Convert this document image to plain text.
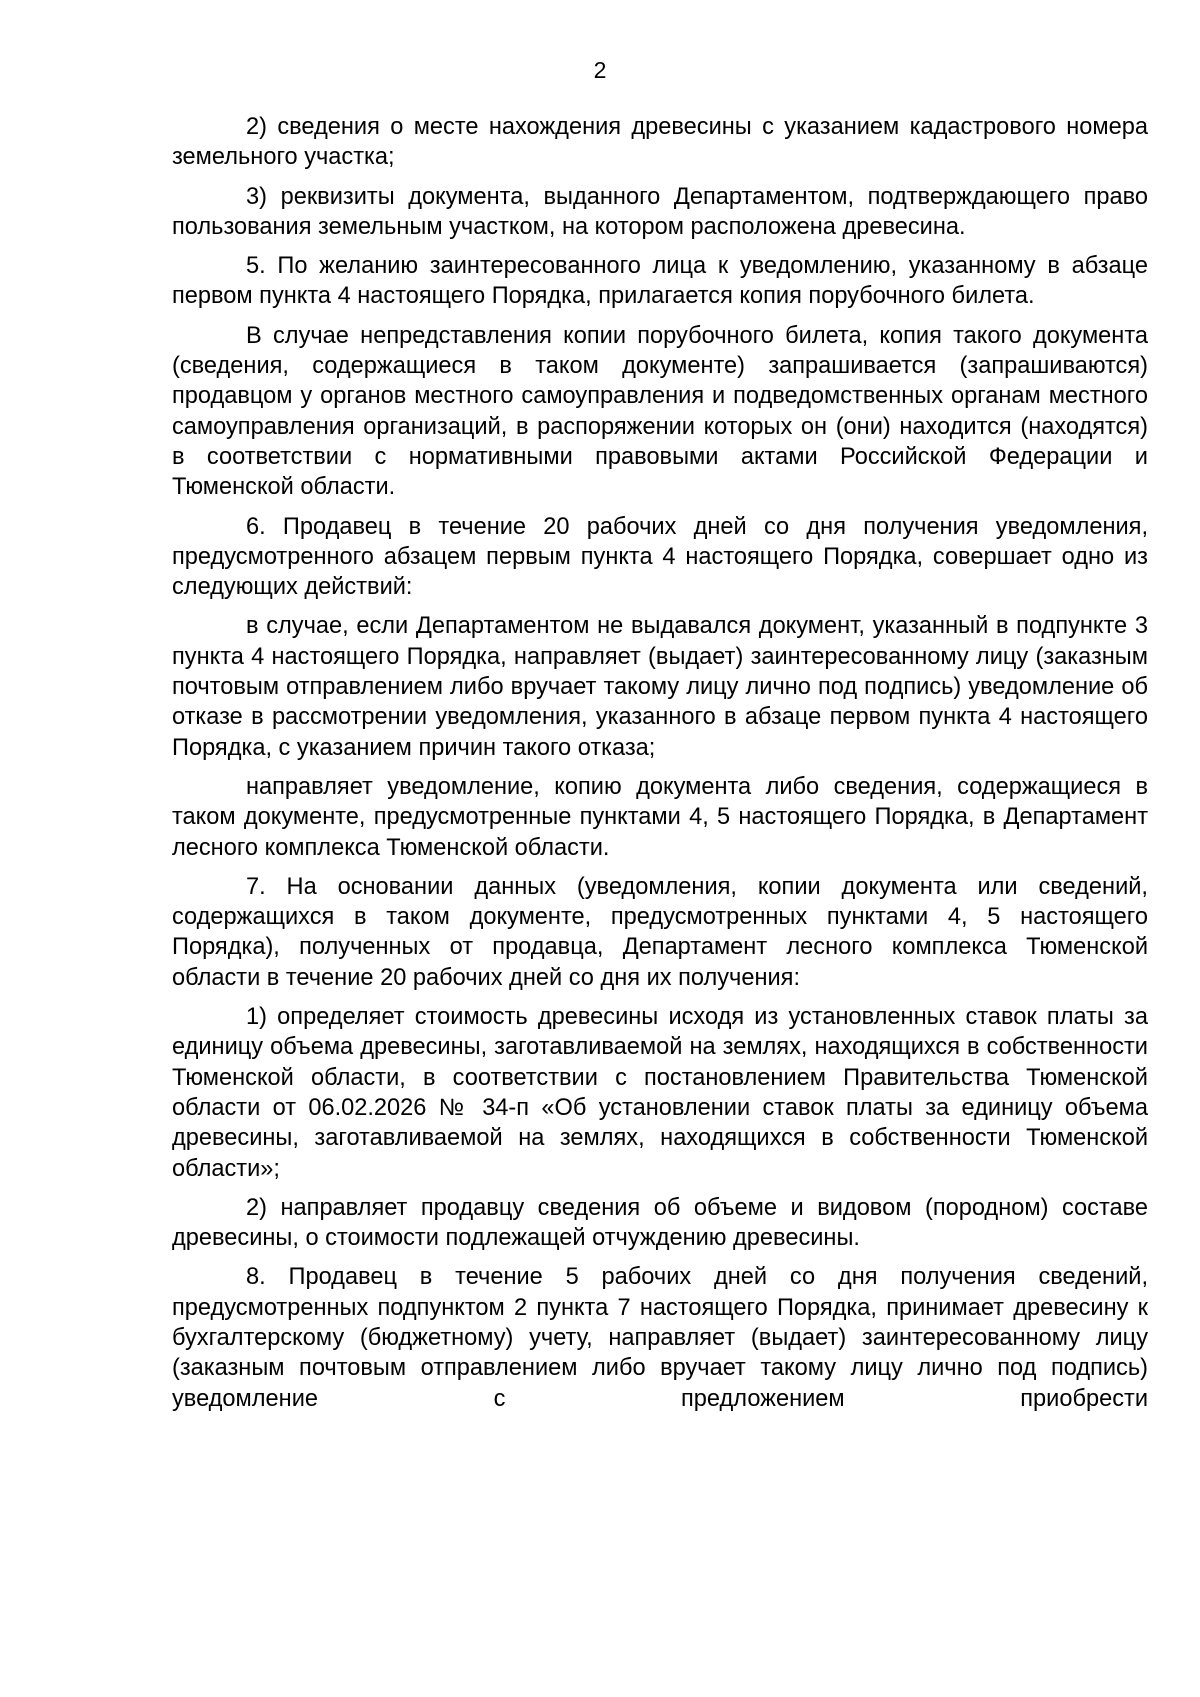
2

2) сведения о месте нахождения древесины с указанием кадастрового номера земельного участка;

3) реквизиты документа, выданного Департаментом, подтверждающего право пользования земельным участком, на котором расположена древесина.

5. По желанию заинтересованного лица к уведомлению, указанному в абзаце первом пункта 4 настоящего Порядка, прилагается копия порубочного билета.

В случае непредставления копии порубочного билета, копия такого документа (сведения, содержащиеся в таком документе) запрашивается (запрашиваются) продавцом у органов местного самоуправления и подведомственных органам местного самоуправления организаций, в распоряжении которых он (они) находится (находятся) в соответствии с нормативными правовыми актами Российской Федерации и Тюменской области.

6. Продавец в течение 20 рабочих дней со дня получения уведомления, предусмотренного абзацем первым пункта 4 настоящего Порядка, совершает одно из следующих действий:

в случае, если Департаментом не выдавался документ, указанный в подпункте 3 пункта 4 настоящего Порядка, направляет (выдает) заинтересованному лицу (заказным почтовым отправлением либо вручает такому лицу лично под подпись) уведомление об отказе в рассмотрении уведомления, указанного в абзаце первом пункта 4 настоящего Порядка, с указанием причин такого отказа;

направляет уведомление, копию документа либо сведения, содержащиеся в таком документе, предусмотренные пунктами 4, 5 настоящего Порядка, в Департамент лесного комплекса Тюменской области.

7. На основании данных (уведомления, копии документа или сведений, содержащихся в таком документе, предусмотренных пунктами 4, 5 настоящего Порядка), полученных от продавца, Департамент лесного комплекса Тюменской области в течение 20 рабочих дней со дня их получения:

1) определяет стоимость древесины исходя из установленных ставок платы за единицу объема древесины, заготавливаемой на землях, находящихся в собственности Тюменской области, в соответствии с постановлением Правительства Тюменской области от 06.02.2026 № 34-п «Об установлении ставок платы за единицу объема древесины, заготавливаемой на землях, находящихся в собственности Тюменской области»;

2) направляет продавцу сведения об объеме и видовом (породном) составе древесины, о стоимости подлежащей отчуждению древесины.

8. Продавец в течение 5 рабочих дней со дня получения сведений, предусмотренных подпунктом 2 пункта 7 настоящего Порядка, принимает древесину к бухгалтерскому (бюджетному) учету, направляет (выдает) заинтересованному лицу (заказным почтовым отправлением либо вручает такому лицу лично под подпись) уведомление с предложением приобрести
